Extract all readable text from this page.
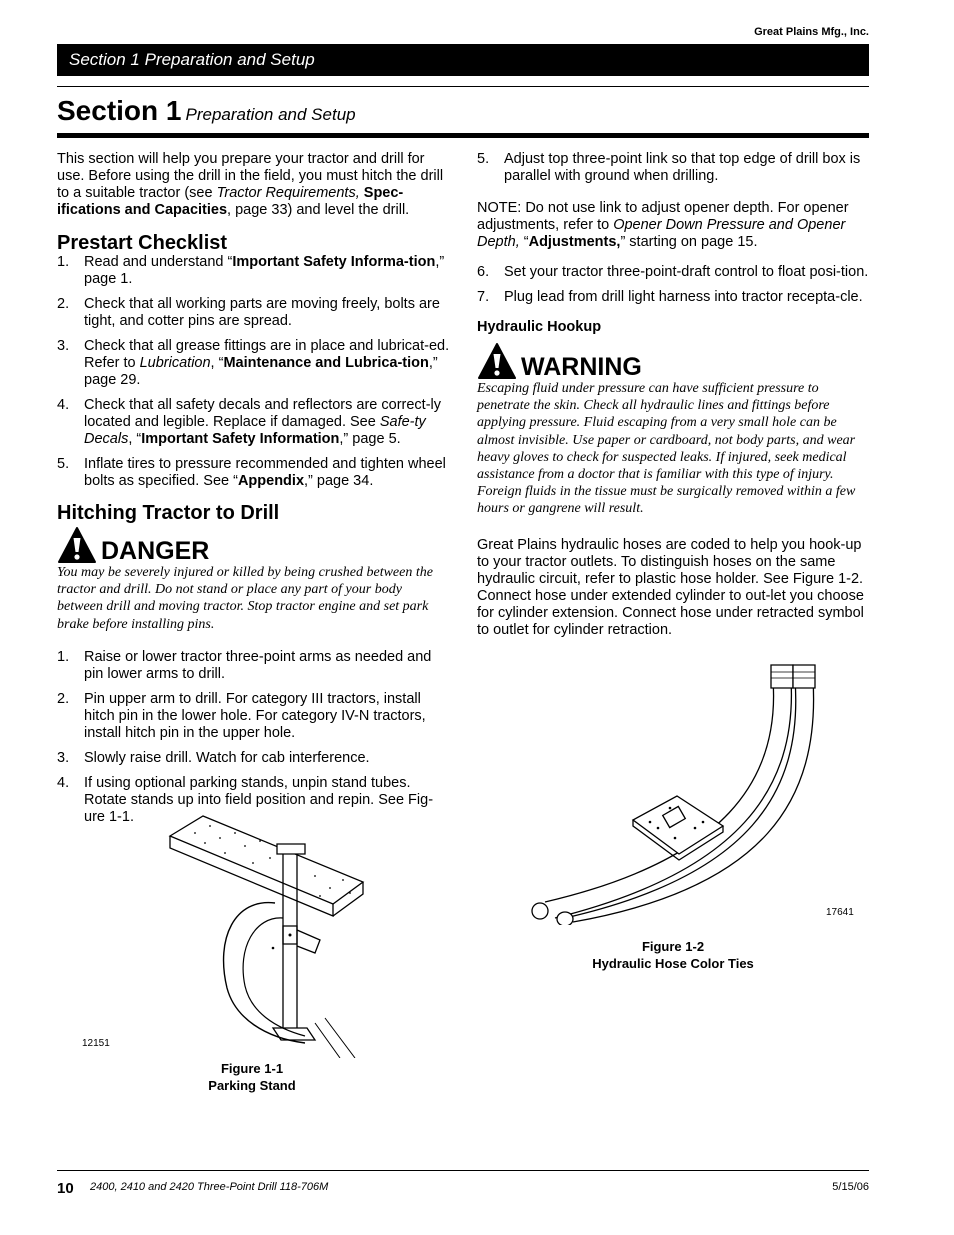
Great Plains Mfg., Inc.
Section 1 Preparation and Setup
Section 1 Preparation and Setup

This section will help you prepare your tractor and drill for use. Before using the drill in the field, you must hitch the drill to a suitable tractor (see Tractor Requirements, Spec-ifications and Capacities, page 33) and level the drill.

Prestart Checklist
1. Read and understand “Important Safety Informa-tion,” page 1.
2. Check that all working parts are moving freely, bolts are tight, and cotter pins are spread.
3. Check that all grease fittings are in place and lubricat-ed. Refer to Lubrication, “Maintenance and Lubrica-tion,” page 29.
4. Check that all safety decals and reflectors are correct-ly located and legible. Replace if damaged. See Safe-ty Decals, “Important Safety Information,” page 5.
5. Inflate tires to pressure recommended and tighten wheel bolts as specified. See “Appendix,” page 34.
Hitching Tractor to Drill
DANGER

You may be severely injured or killed by being crushed between the tractor and drill. Do not stand or place any part of your body between drill and moving tractor. Stop tractor engine and set park brake before installing pins.

1. Raise or lower tractor three-point arms as needed and pin lower arms to drill.
2. Pin upper arm to drill. For category III tractors, install hitch pin in the lower hole. For category IV-N tractors, install hitch pin in the upper hole.
3. Slowly raise drill. Watch for cab interference.
4. If using optional parking stands, unpin stand tubes. Rotate stands up into field position and repin. See Fig-ure 1-1.
12151
Figure 1-1
Parking Stand
5. Adjust top three-point link so that top edge of drill box is parallel with ground when drilling.

NOTE: Do not use link to adjust opener depth. For opener adjustments, refer to Opener Down Pressure and Opener Depth, “Adjustments,” starting on page 15.

6. Set your tractor three-point-draft control to float posi-tion.
7. Plug lead from drill light harness into tractor recepta-cle.
Hydraulic Hookup
WARNING

Escaping fluid under pressure can have sufficient pressure to penetrate the skin. Check all hydraulic lines and fittings before applying pressure. Fluid escaping from a very small hole can be almost invisible. Use paper or cardboard, not body parts, and wear heavy gloves to check for suspected leaks. If injured, seek medical assistance from a doctor that is familiar with this type of injury. Foreign fluids in the tissue must be surgically removed within a few hours or gangrene will result.

Great Plains hydraulic hoses are coded to help you hook-up to your tractor outlets. To distinguish hoses on the same hydraulic circuit, refer to plastic hose holder. See Figure 1-2. Connect hose under extended cylinder to out-let you choose for cylinder extension. Connect hose under retracted symbol to outlet for cylinder retraction.

17641
Figure 1-2
Hydraulic Hose Color Ties
10 2400, 2410 and 2420 Three-Point Drill 118-706M	5/15/06
